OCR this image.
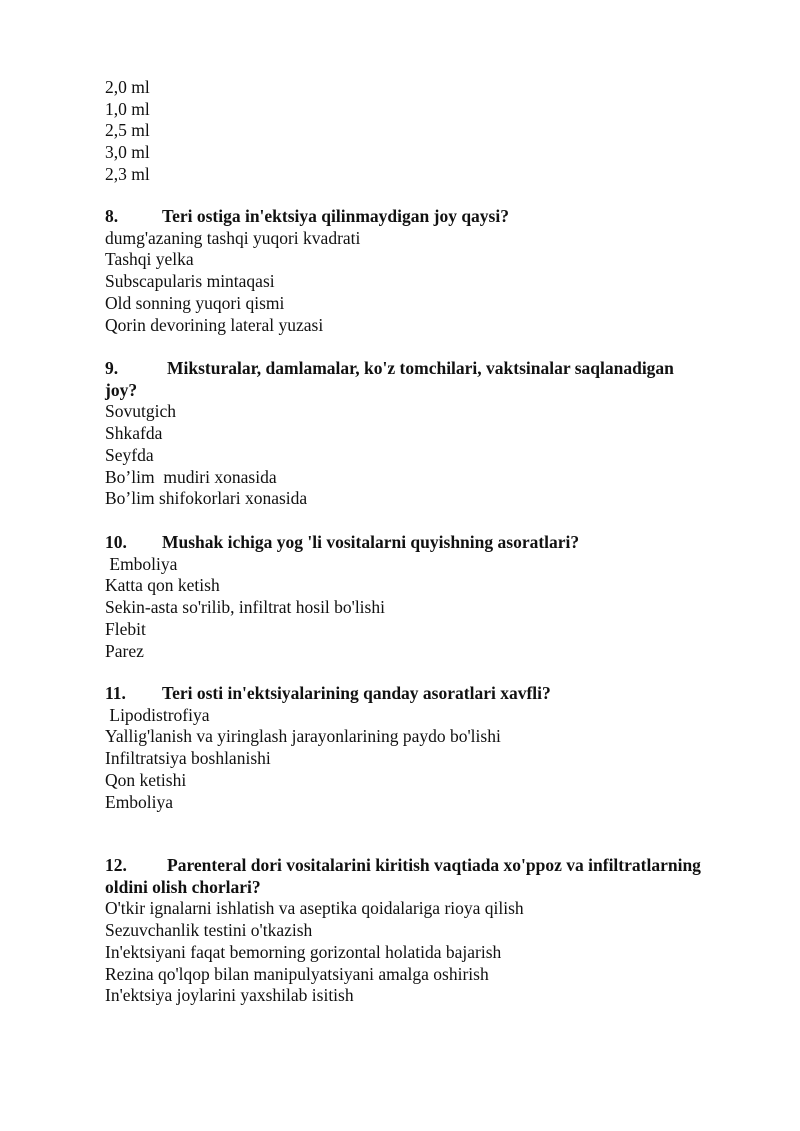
2,0 ml
1,0 ml
2,5 ml
3,0 ml
2,3 ml
8.	Teri ostiga in'ektsiya qilinmaydigan joy qaysi?
dumg'azaning tashqi yuqori kvadrati
Tashqi yelka
Subscapularis mintaqasi
Old sonning yuqori qismi
Qorin devorining lateral yuzasi
9.	Miksturalar, damlamalar, ko'z tomchilari, vaktsinalar saqlanadigan
joy?
Sovutgich
Shkafda
Seyfda
Bo’lim  mudiri xonasida
Bo’lim shifokorlari xonasida
10. Mushak ichiga yog 'li vositalarni quyishning asoratlari?
Emboliya
Katta qon ketish
Sekin-asta so'rilib, infiltrat hosil bo'lishi
Flebit
Parez
11. Teri osti in'ektsiyalarining qanday asoratlari xavfli?
Lipodistrofiya
Yallig'lanish va yiringlash jarayonlarining paydo bo'lishi
Infiltratsiya boshlanishi
Qon ketishi
Emboliya
12. Parenteral dori vositalarini kiritish vaqtiada xo'ppoz va infiltratlarning
oldini olish chorlari?
O'tkir ignalarni ishlatish va aseptika qoidalariga rioya qilish
Sezuvchanlik testini o'tkazish
In'ektsiyani faqat bemorning gorizontal holatida bajarish
Rezina qo'lqop bilan manipulyatsiyani amalga oshirish
In'ektsiya joylarini yaxshilab isitish
